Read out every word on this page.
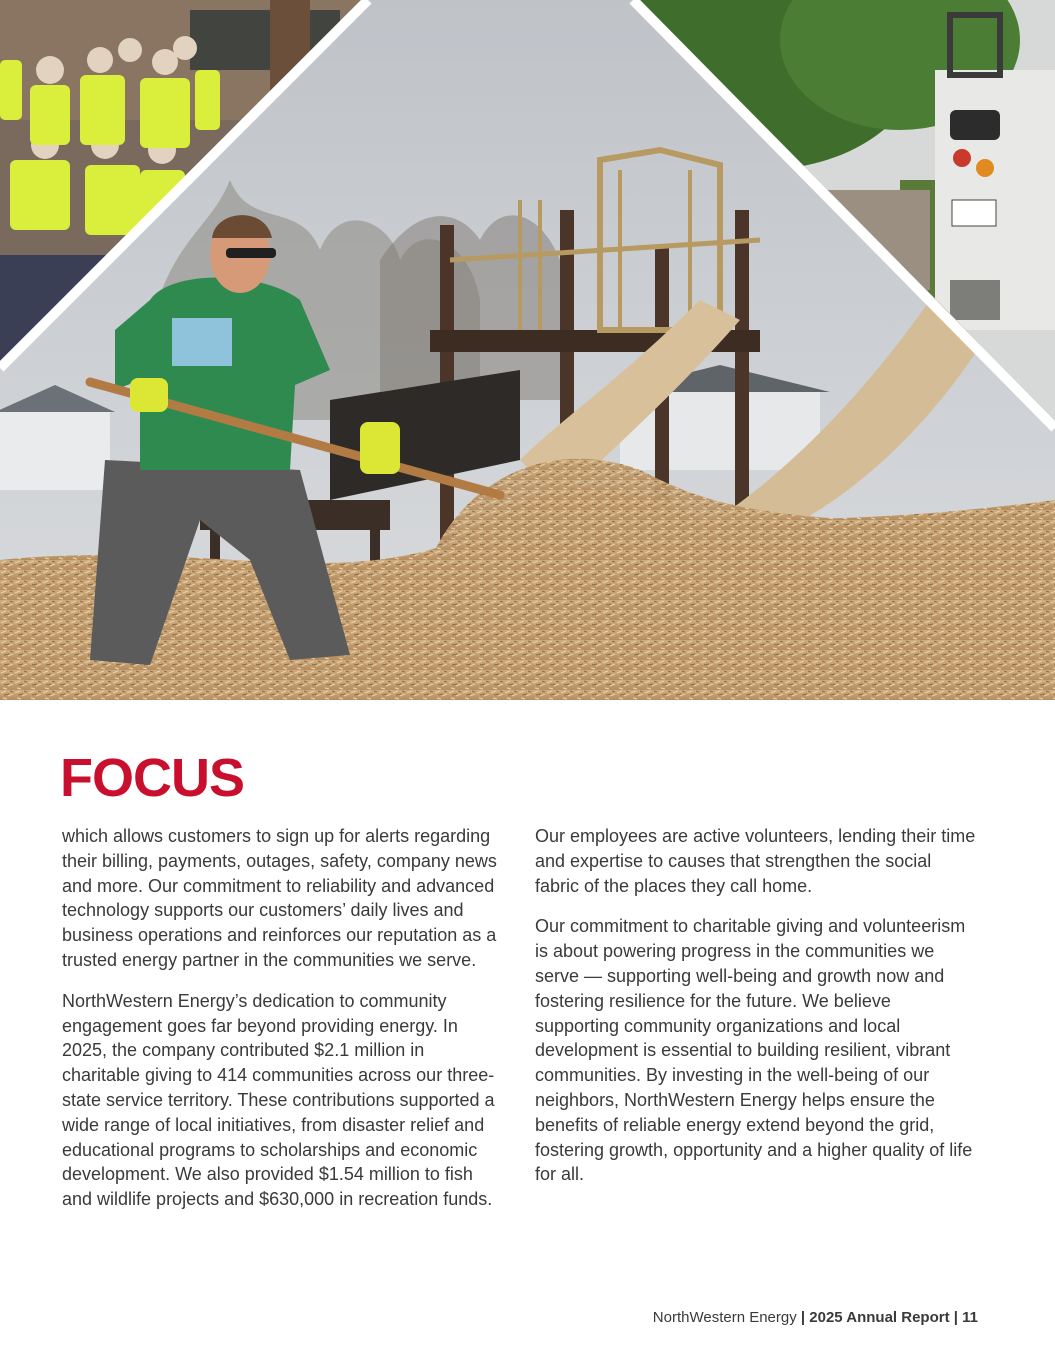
FOCUS

which allows customers to sign up for alerts regarding their billing, payments, outages, safety, company news and more. Our commitment to reliability and advanced technology supports our customers’ daily lives and business operations and reinforces our reputation as a trusted energy partner in the communities we serve.

NorthWestern Energy’s dedication to community engagement goes far beyond providing energy. In 2025, the company contributed $2.1 million in charitable giving to 414 communities across our three-state service territory. These contributions supported a wide range of local initiatives, from disaster relief and educational programs to scholarships and economic development. We also provided $1.54 million to fish and wildlife projects and $630,000 in recreation funds.

Our employees are active volunteers, lending their time and expertise to causes that strengthen the social fabric of the places they call home.

Our commitment to charitable giving and volunteerism is about powering progress in the communities we serve — supporting well-being and growth now and fostering resilience for the future. We believe supporting community organizations and local development is essential to building resilient, vibrant communities. By investing in the well-being of our neighbors, NorthWestern Energy helps ensure the benefits of reliable energy extend beyond the grid, fostering growth, opportunity and a higher quality of life for all.

NorthWestern Energy | 2025 Annual Report | 11
